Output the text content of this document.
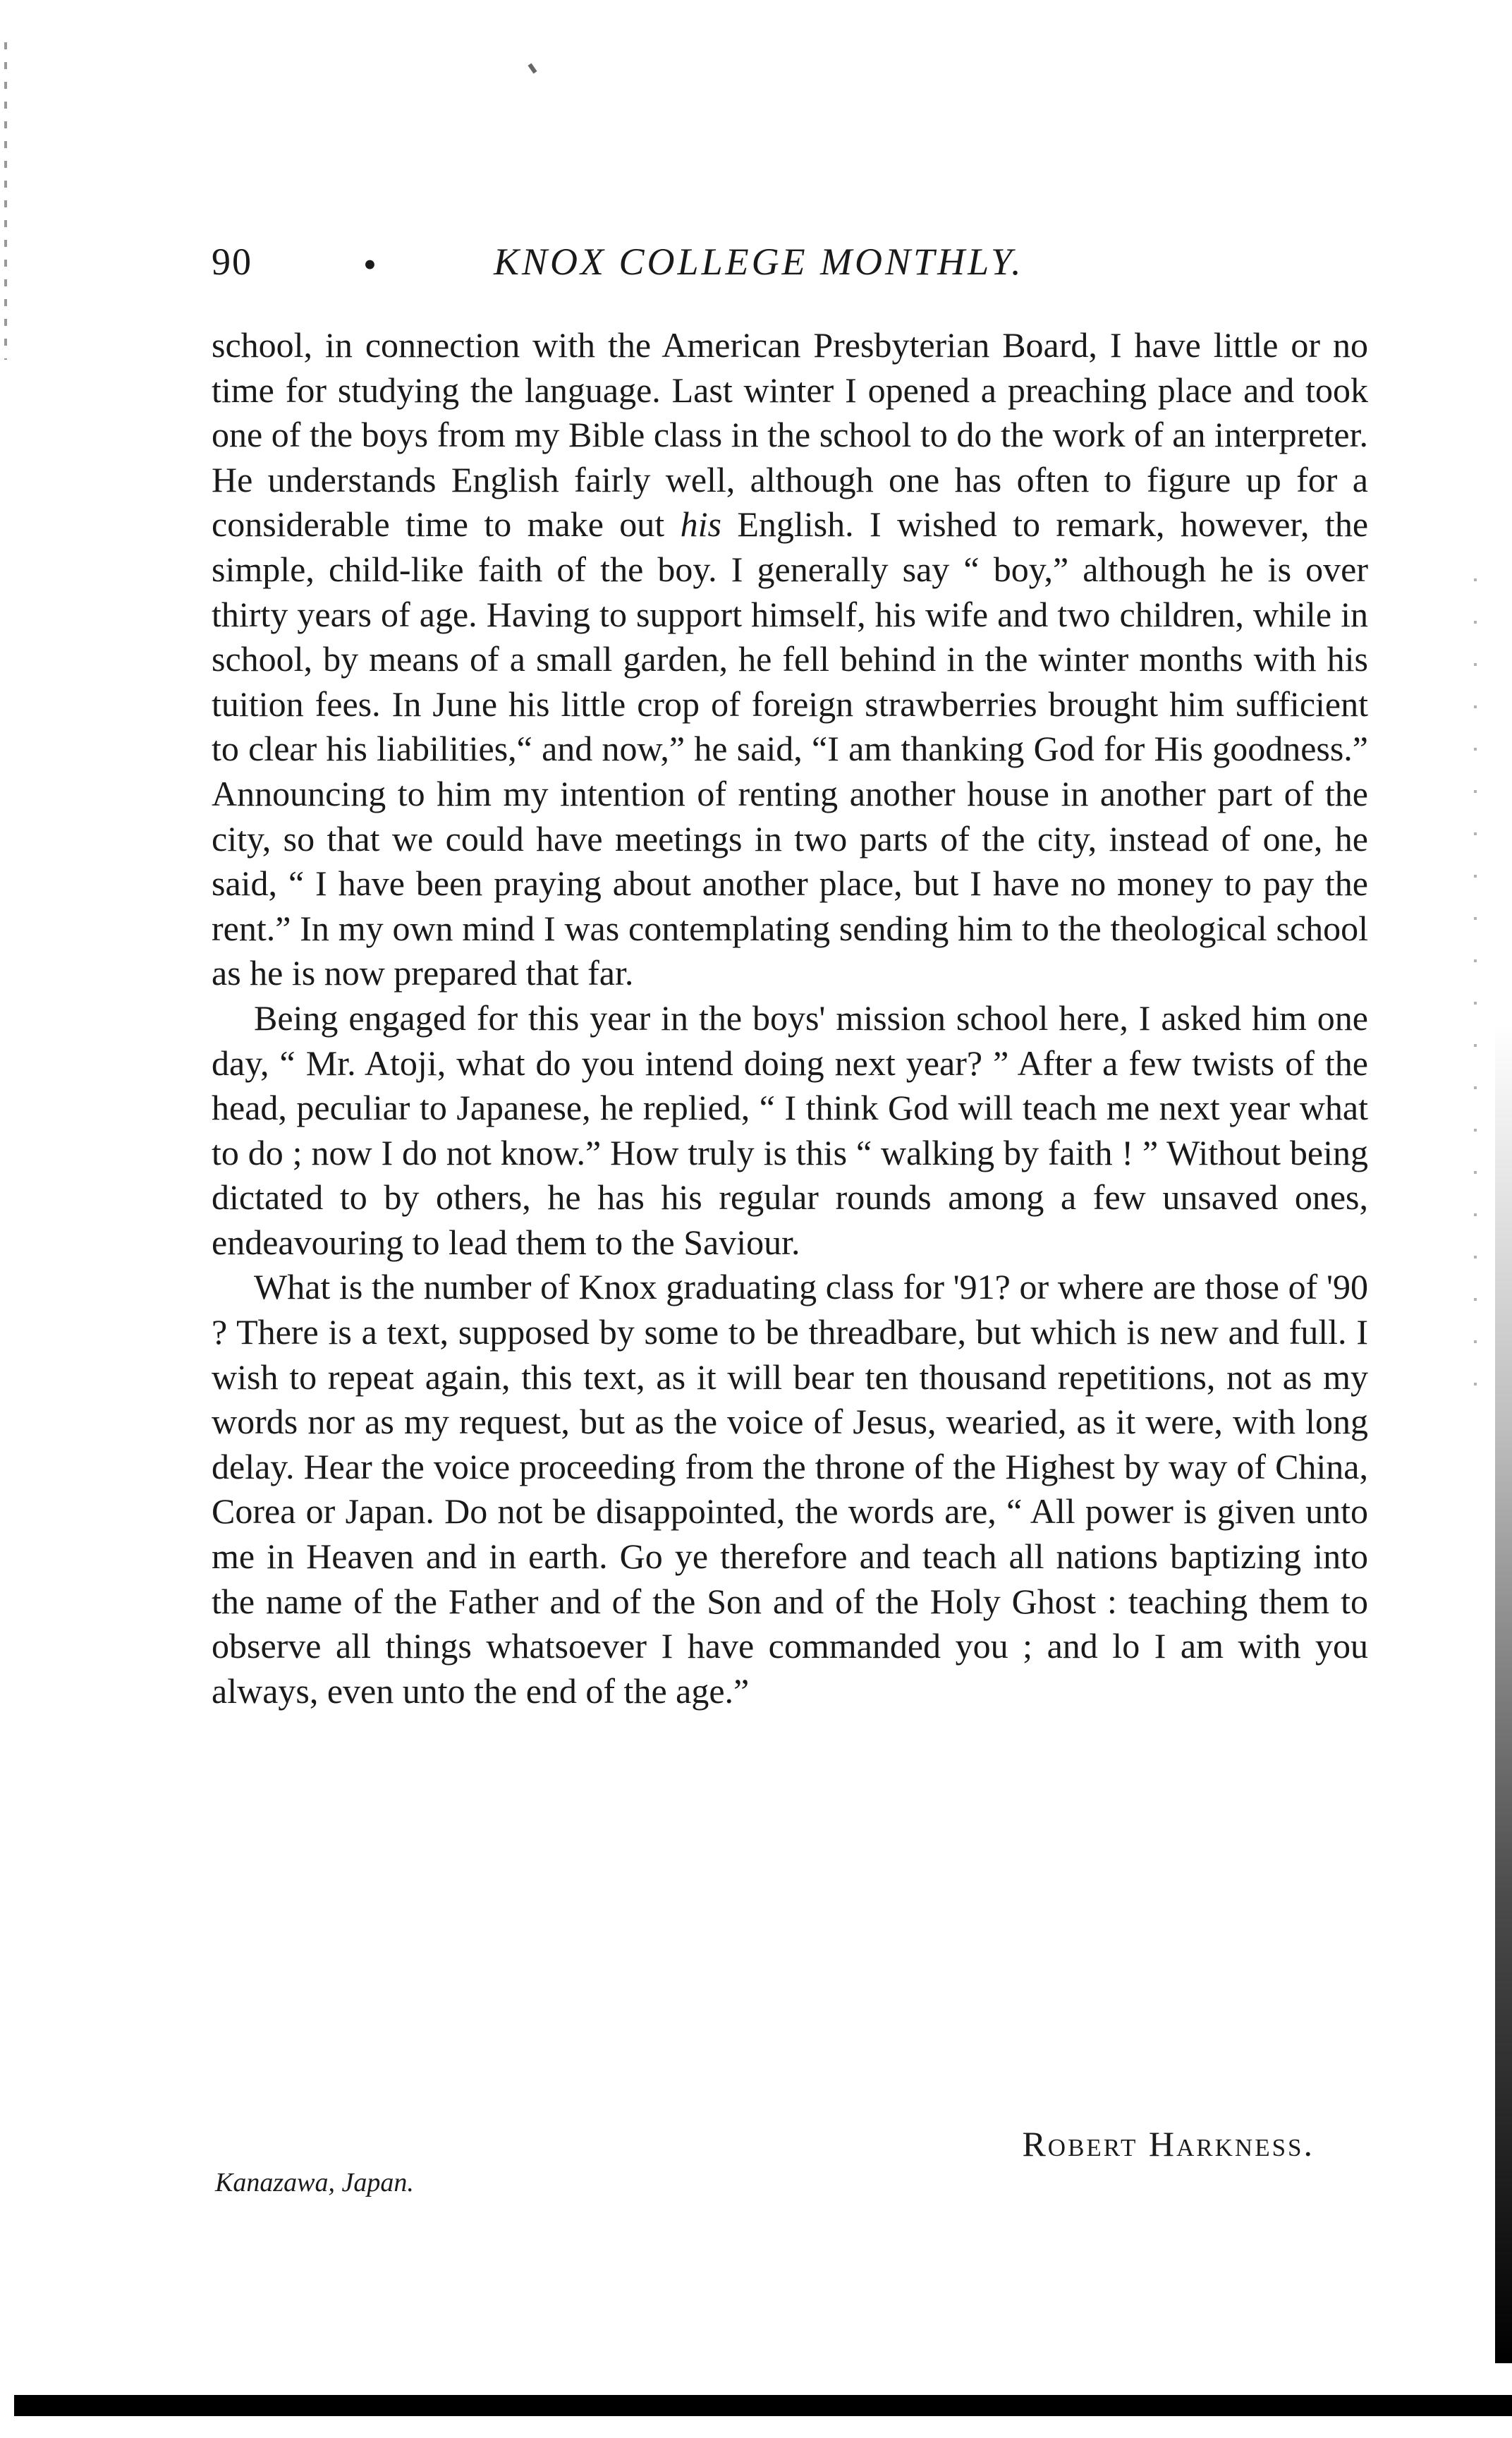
90	•	KNOX COLLEGE MONTHLY.

school, in connection with the American Presbyterian Board, I have little or no time for studying the language. Last winter I opened a preaching place and took one of the boys from my Bible class in the school to do the work of an interpreter. He understands English fairly well, although one has often to figure up for a considerable time to make out his English. I wished to remark, however, the simple, child-like faith of the boy. I generally say “ boy,” although he is over thirty years of age. Having to support himself, his wife and two children, while in school, by means of a small garden, he fell behind in the winter months with his tuition fees. In June his little crop of foreign strawberries brought him sufficient to clear his liabilities,“ and now,” he said, “I am thanking God for His goodness.” Announcing to him my intention of renting another house in another part of the city, so that we could have meetings in two parts of the city, instead of one, he said, “ I have been praying about another place, but I have no money to pay the rent.” In my own mind I was contemplating sending him to the theological school as he is now prepared that far.

Being engaged for this year in the boys' mission school here, I asked him one day, “ Mr. Atoji, what do you intend doing next year? ” After a few twists of the head, peculiar to Japanese, he replied, “ I think God will teach me next year what to do ; now I do not know.” How truly is this “ walking by faith ! ” Without being dictated to by others, he has his regular rounds among a few unsaved ones, endeavouring to lead them to the Saviour.

What is the number of Knox graduating class for '91? or where are those of '90 ? There is a text, supposed by some to be threadbare, but which is new and full. I wish to repeat again, this text, as it will bear ten thousand repetitions, not as my words nor as my request, but as the voice of Jesus, wearied, as it were, with long delay. Hear the voice proceeding from the throne of the Highest by way of China, Corea or Japan. Do not be disappointed, the words are, “ All power is given unto me in Heaven and in earth. Go ye therefore and teach all nations baptizing into the name of the Father and of the Son and of the Holy Ghost : teaching them to observe all things whatsoever I have commanded you ; and lo I am with you always, even unto the end of the age.”

Robert Harkness.
Kanazawa, Japan.
